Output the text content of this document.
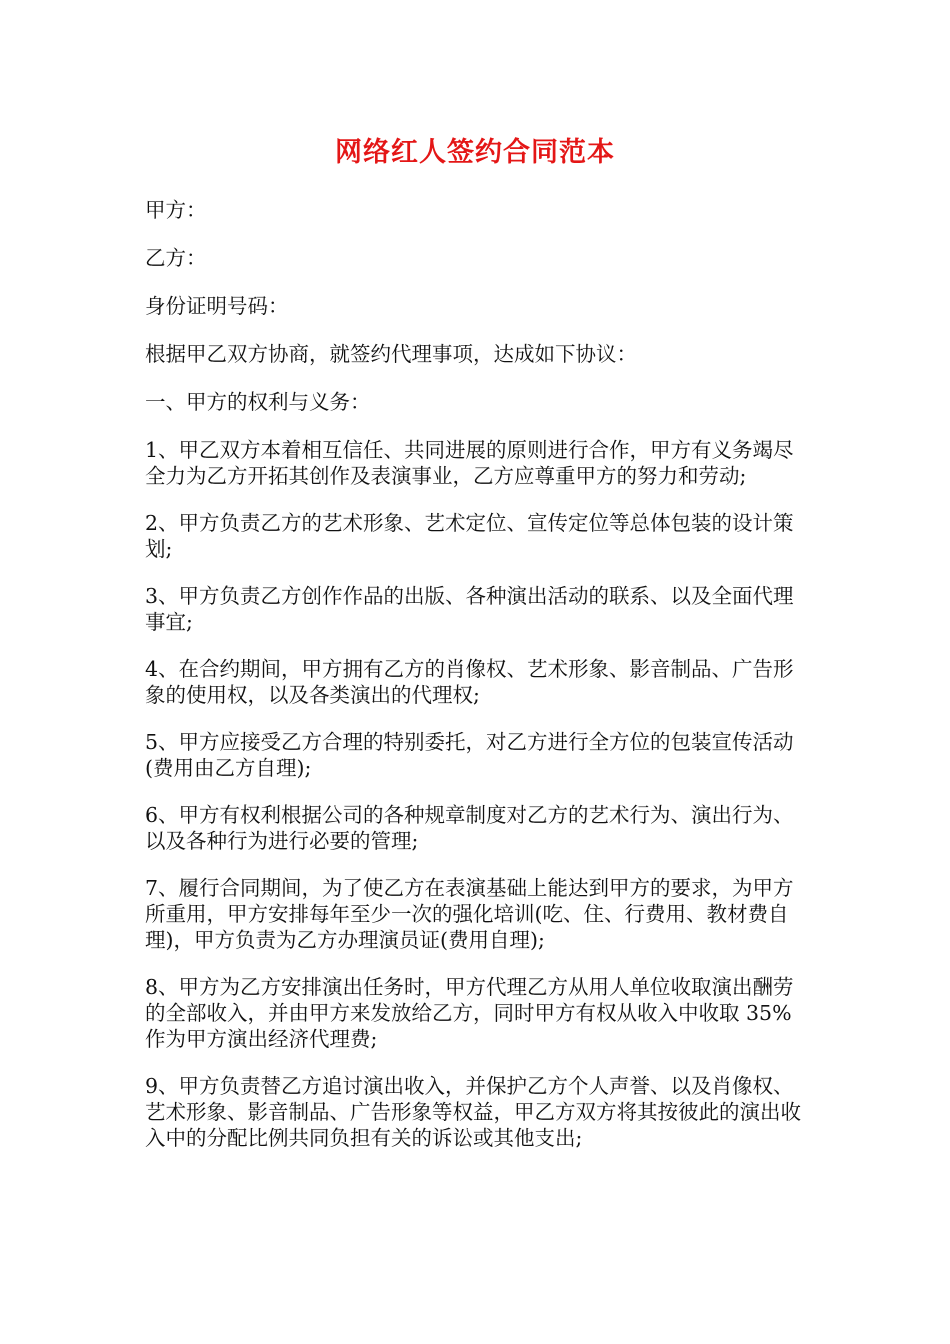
网络红人签约合同范本

甲方：

乙方：

身份证明号码：

根据甲乙双方协商，就签约代理事项，达成如下协议：

一、甲方的权利与义务：

1、甲乙双方本着相互信任、共同进展的原则进行合作，甲方有义务竭尽全力为乙方开拓其创作及表演事业，乙方应尊重甲方的努力和劳动;

2、甲方负责乙方的艺术形象、艺术定位、宣传定位等总体包装的设计策划;

3、甲方负责乙方创作作品的出版、各种演出活动的联系、以及全面代理事宜;

4、在合约期间，甲方拥有乙方的肖像权、艺术形象、影音制品、广告形象的使用权，以及各类演出的代理权;

5、甲方应接受乙方合理的特别委托，对乙方进行全方位的包装宣传活动(费用由乙方自理);

6、甲方有权利根据公司的各种规章制度对乙方的艺术行为、演出行为、以及各种行为进行必要的管理;

7、履行合同期间，为了使乙方在表演基础上能达到甲方的要求，为甲方所重用，甲方安排每年至少一次的强化培训(吃、住、行费用、教材费自理)，甲方负责为乙方办理演员证(费用自理);

8、甲方为乙方安排演出任务时，甲方代理乙方从用人单位收取演出酬劳的全部收入，并由甲方来发放给乙方，同时甲方有权从收入中收取 35%作为甲方演出经济代理费;

9、甲方负责替乙方追讨演出收入，并保护乙方个人声誉、以及肖像权、艺术形象、影音制品、广告形象等权益，甲乙方双方将其按彼此的演出收入中的分配比例共同负担有关的诉讼或其他支出;
